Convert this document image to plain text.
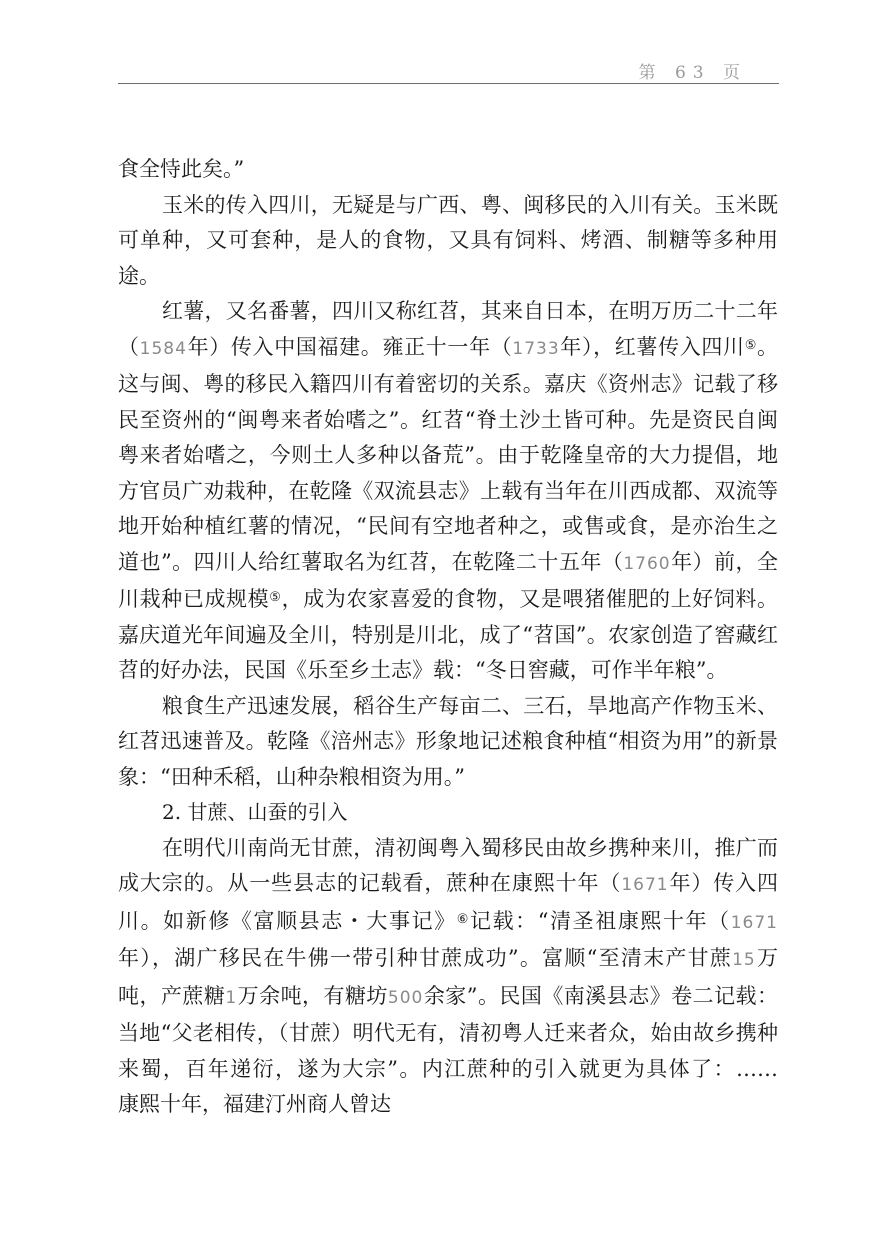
第 63 页

食全恃此矣。”

玉米的传入四川，无疑是与广西、粤、闽移民的入川有关。玉米既可单种，又可套种，是人的食物，又具有饲料、烤酒、制糖等多种用途。

红薯，又名番薯，四川又称红苕，其来自日本，在明万历二十二年（1584年）传入中国福建。雍正十一年（1733年），红薯传入四川⑤。这与闽、粤的移民入籍四川有着密切的关系。嘉庆《资州志》记载了移民至资州的“闽粤来者始嗜之”。红苕“脊土沙土皆可种。先是资民自闽粤来者始嗜之，今则土人多种以备荒”。由于乾隆皇帝的大力提倡，地方官员广劝栽种，在乾隆《双流县志》上载有当年在川西成都、双流等地开始种植红薯的情况，“民间有空地者种之，或售或食，是亦治生之道也”。四川人给红薯取名为红苕，在乾隆二十五年（1760年）前，全川栽种已成规模⑤，成为农家喜爱的食物，又是喂猪催肥的上好饲料。嘉庆道光年间遍及全川，特别是川北，成了“苕国”。农家创造了窖藏红苕的好办法，民国《乐至乡土志》载：“冬日窖藏，可作半年粮”。

粮食生产迅速发展，稻谷生产每亩二、三石，旱地高产作物玉米、红苕迅速普及。乾隆《涪州志》形象地记述粮食种植“相资为用”的新景象：“田种禾稻，山种杂粮相资为用。”

2. 甘蔗、山蚕的引入

在明代川南尚无甘蔗，清初闽粤入蜀移民由故乡携种来川，推广而成大宗的。从一些县志的记载看，蔗种在康熙十年（1671年）传入四川。如新修《富顺县志・大事记》⑥记载：“清圣祖康熙十年（1671年），湖广移民在牛佛一带引种甘蔗成功”。富顺“至清末产甘蔗15万吨，产蔗糖1万余吨，有糖坊500余家”。民国《南溪县志》卷二记载：当地“父老相传，（甘蔗）明代无有，清初粤人迁来者众，始由故乡携种来蜀，百年递衍，遂为大宗”。内江蔗种的引入就更为具体了：……　康熙十年，福建汀州商人曾达
